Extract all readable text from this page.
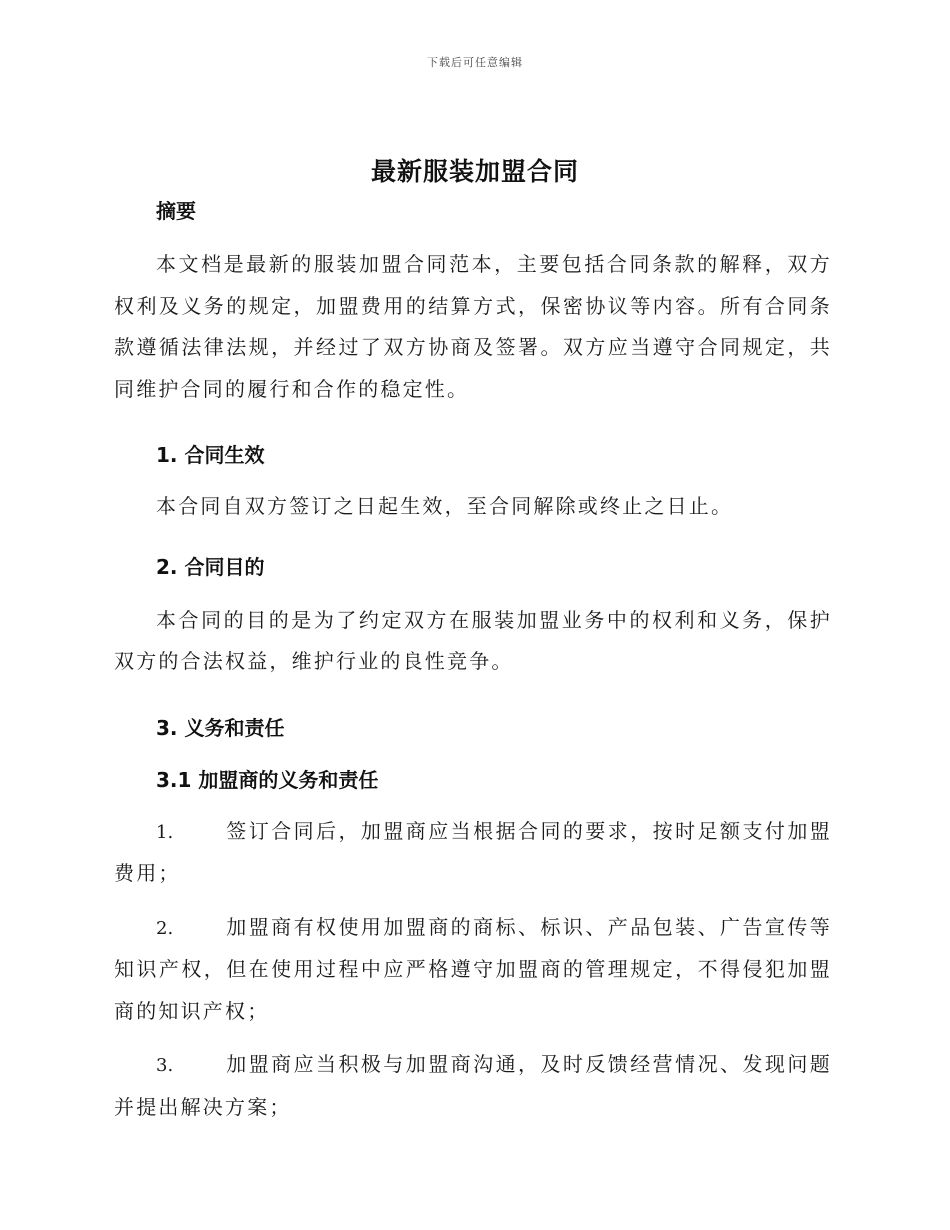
下载后可任意编辑
最新服装加盟合同

摘要

本文档是最新的服装加盟合同范本，主要包括合同条款的解释，双方权利及义务的规定，加盟费用的结算方式，保密协议等内容。所有合同条款遵循法律法规，并经过了双方协商及签署。双方应当遵守合同规定，共同维护合同的履行和合作的稳定性。

1. 合同生效

本合同自双方签订之日起生效，至合同解除或终止之日止。

2. 合同目的

本合同的目的是为了约定双方在服装加盟业务中的权利和义务，保护双方的合法权益，维护行业的良性竞争。

3. 义务和责任

3.1 加盟商的义务和责任

1.	签订合同后，加盟商应当根据合同的要求，按时足额支付加盟费用；

2.	加盟商有权使用加盟商的商标、标识、产品包装、广告宣传等知识产权，但在使用过程中应严格遵守加盟商的管理规定，不得侵犯加盟商的知识产权；

3.	加盟商应当积极与加盟商沟通，及时反馈经营情况、发现问题并提出解决方案；
